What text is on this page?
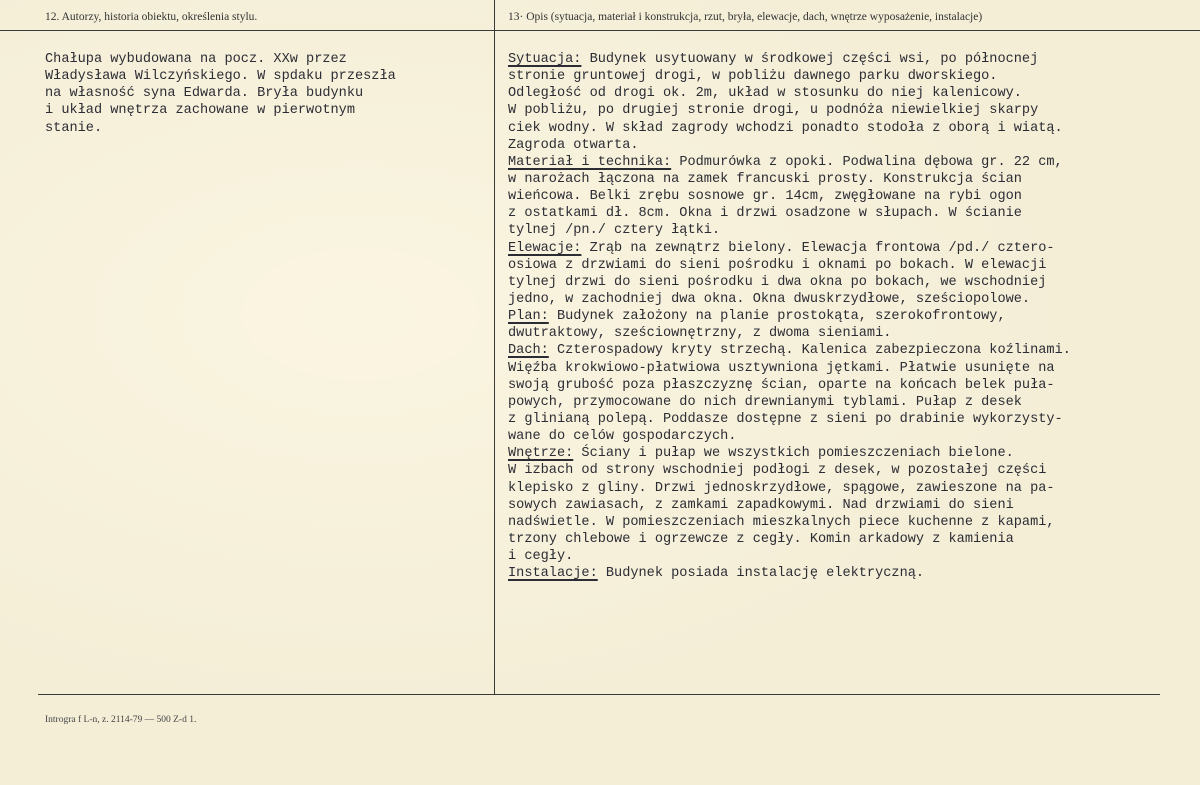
12. Autorzy, historia obiektu, określenia stylu.	13· Opis (sytuacja, materiał i konstrukcja, rzut, bryła, elewacje, dach, wnętrze wyposażenie, instalacje)
Chałupa wybudowana na pocz. XXw przez
Władysława Wilczyńskiego. W spdaku przeszła
na własność syna Edwarda. Bryła budynku
i układ wnętrza zachowane w pierwotnym
stanie.
Sytuacja: Budynek usytuowany w środkowej części wsi, po północnej
stronie gruntowej drogi, w pobliżu dawnego parku dworskiego.
Odległość od drogi ok. 2m, układ w stosunku do niej kalenicowy.
W pobliżu, po drugiej stronie drogi, u podnóża niewielkiej skarpy
ciek wodny. W skład zagrody wchodzi ponadto stodoła z oborą i wiatą.
Zagroda otwarta.
Materiał i technika: Podmurówka z opoki. Podwalina dębowa gr. 22 cm,
w narożach łączona na zamek francuski prosty. Konstrukcja ścian
wieńcowa. Belki zrębu sosnowe gr. 14cm, zwęgłowane na rybi ogon
z ostatkami dł. 8cm. Okna i drzwi osadzone w słupach. W ścianie
tylnej /pn./ cztery łątki.
Elewacje: Zrąb na zewnątrz bielony. Elewacja frontowa /pd./ cztero-
osiowa z drzwiami do sieni pośrodku i oknami po bokach. W elewacji
tylnej drzwi do sieni pośrodku i dwa okna po bokach, we wschodniej
jedno, w zachodniej dwa okna. Okna dwuskrzydłowe, sześciopolowe.
Plan: Budynek założony na planie prostokąta, szerokofrontowy,
dwutraktowy, sześciownętrzny, z dwoma sieniami.
Dach: Czterospadowy kryty strzechą. Kalenica zabezpieczona koźlinami.
Więźba krokwiowo-płatwiowa usztywniona jętkami. Płatwie usunięte na
swoją grubość poza płaszczyznę ścian, oparte na końcach belek puła-
powych, przymocowane do nich drewnianymi tyblami. Pułap z desek
z glinianą polepą. Poddasze dostępne z sieni po drabinie wykorzysty-
wane do celów gospodarczych.
Wnętrze: Ściany i pułap we wszystkich pomieszczeniach bielone.
W izbach od strony wschodniej podłogi z desek, w pozostałej części
klepisko z gliny. Drzwi jednoskrzydłowe, spągowe, zawieszone na pa-
sowych zawiasach, z zamkami zapadkowymi. Nad drzwiami do sieni
nadświetle. W pomieszczeniach mieszkalnych piece kuchenne z kapami,
trzony chlebowe i ogrzewcze z cegły. Komin arkadowy z kamienia
i cegły.
Instalacje: Budynek posiada instalację elektryczną.
Introgra f L-n, z. 2114-79 — 500 Z-d 1.
